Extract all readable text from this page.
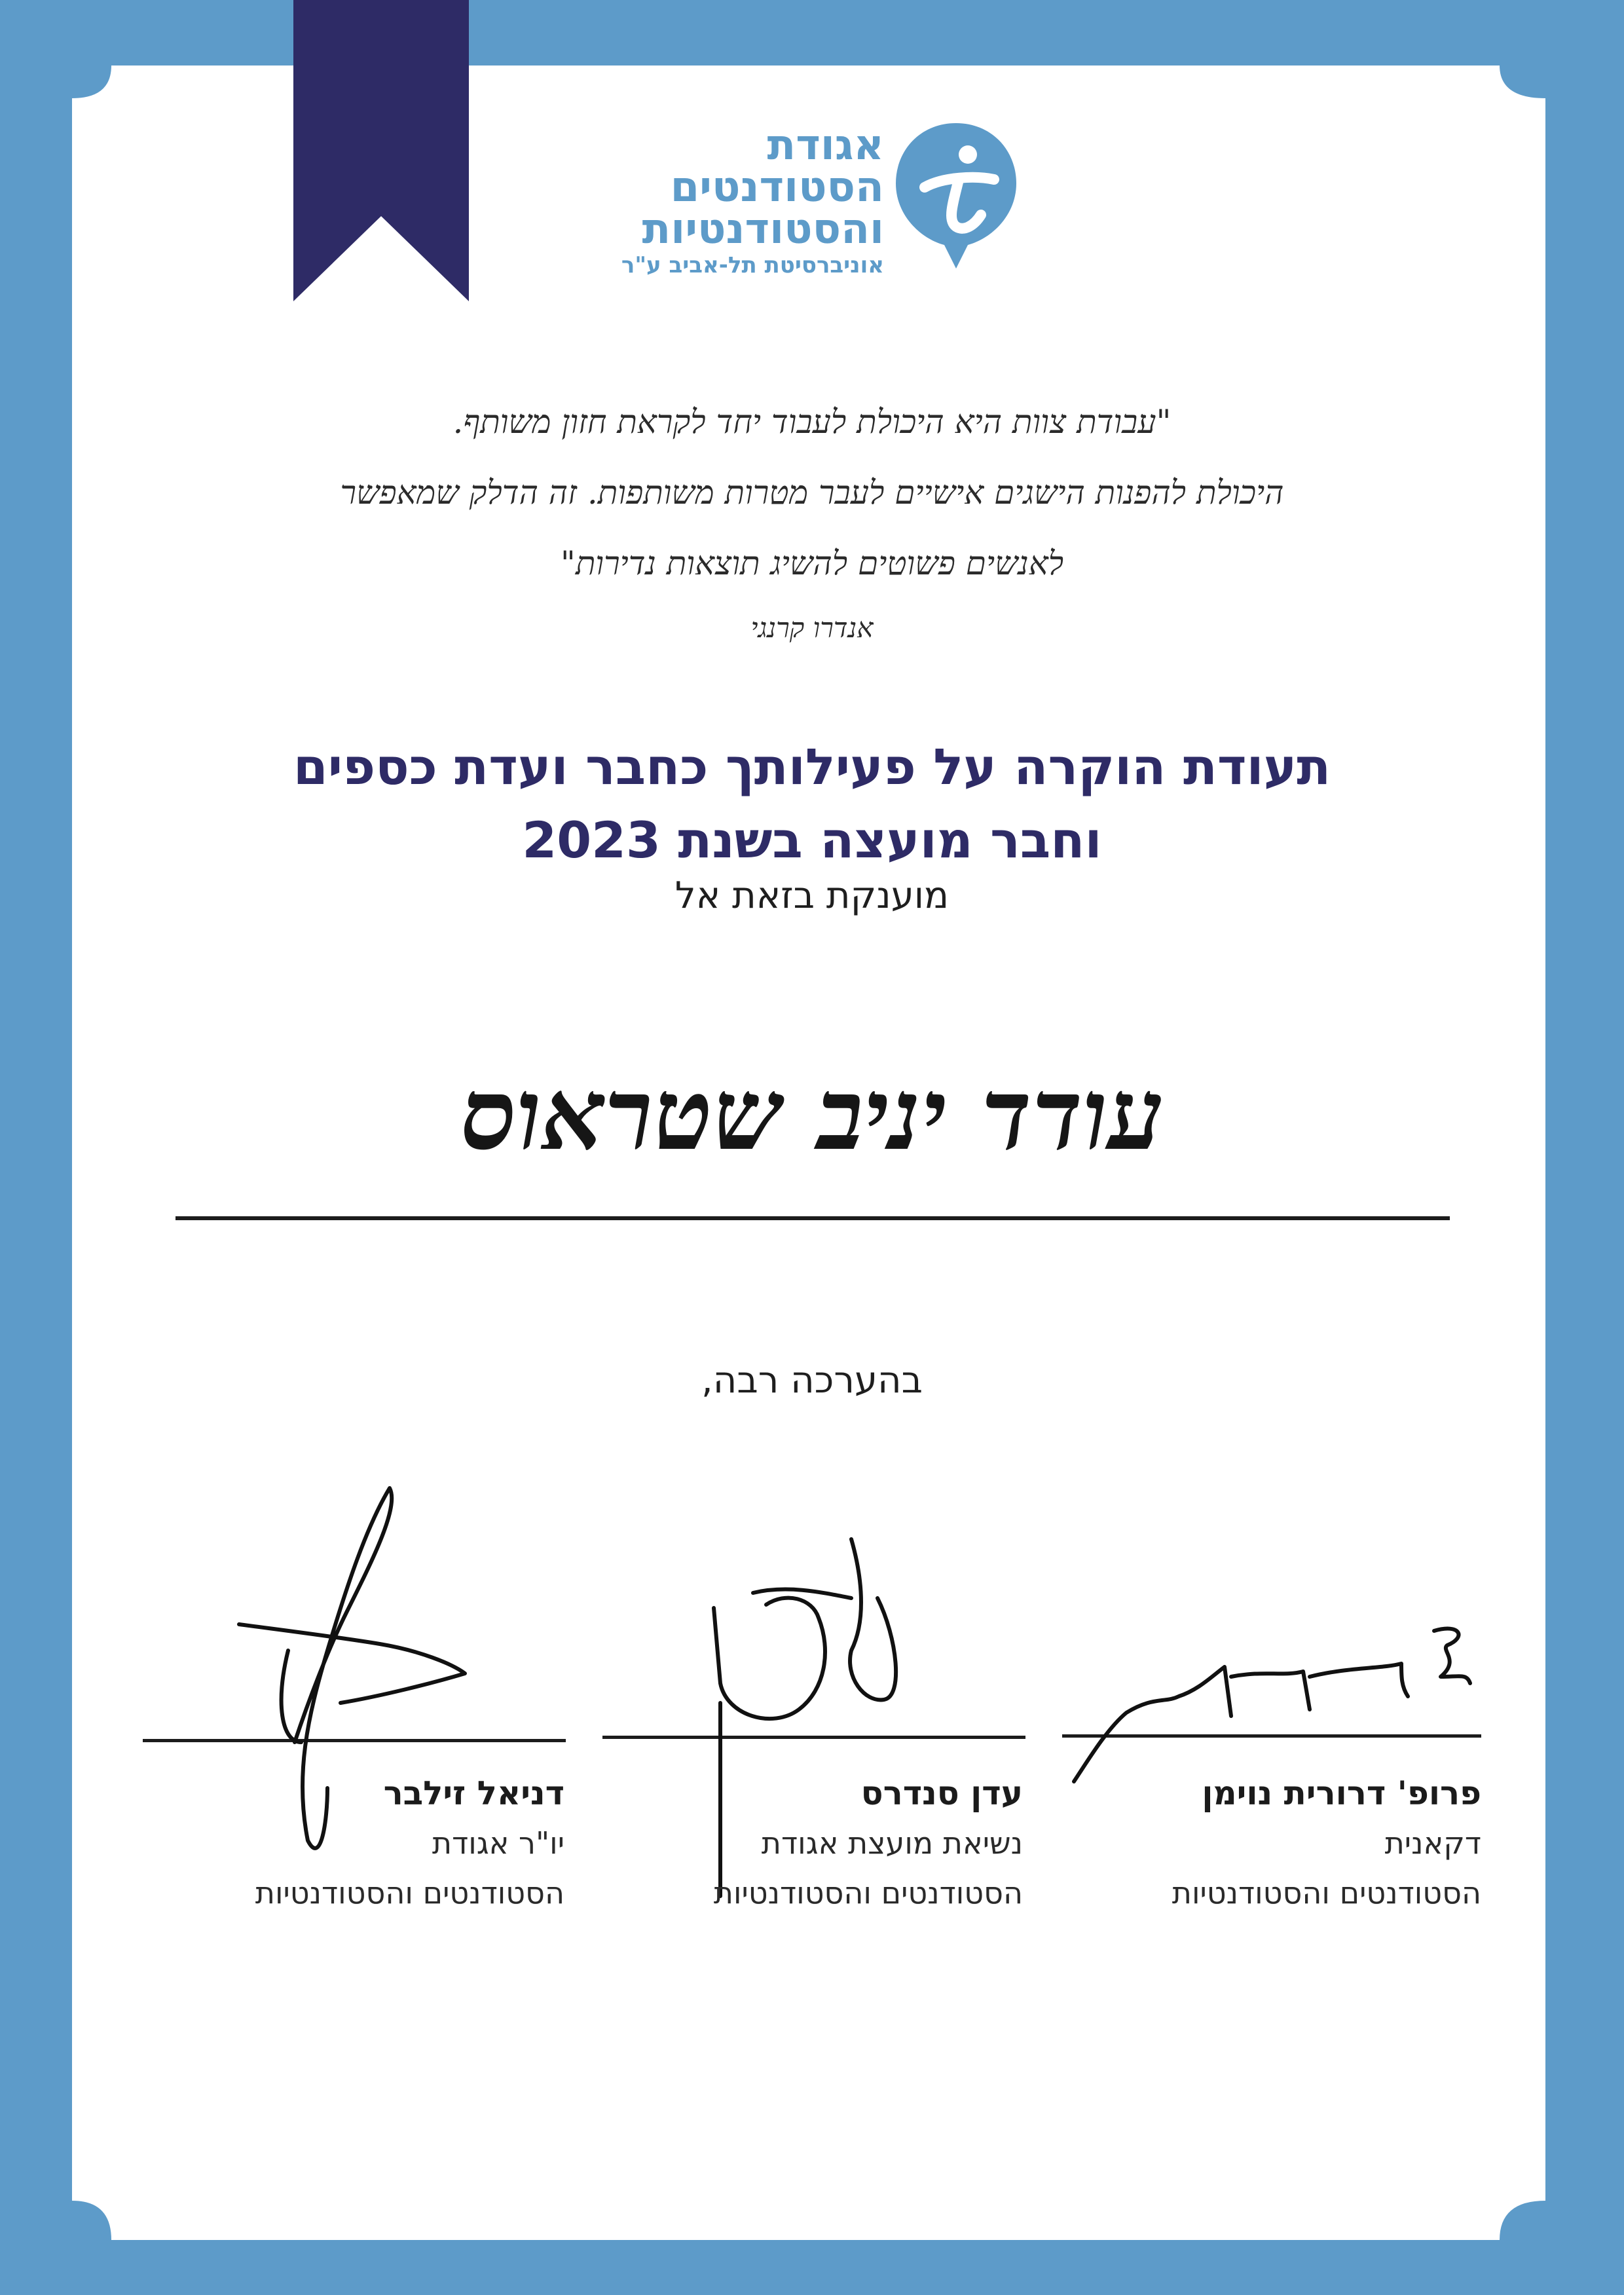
אגודת
הסטודנטים
והסטודנטיות
אוניברסיטת תל-אביב ע"ר
"עבודת צוות היא היכולת לעבוד יחד לקראת חזון משותף.
היכולת להפנות הישגים אישיים לעבר מטרות משותפות. זה הדלק שמאפשר
לאנשים פשוטים להשיג תוצאות נדירות"
אנדרו קרנגי
תעודת הוקרה על פעילותך כחבר ועדת כספים
וחבר מועצה בשנת 2023
מוענקת בזאת אל
עודד יניב שטראוס
בהערכה רבה,
פרופ' דרורית נוימן
דקאנית
הסטודנטים והסטודנטיות
עדן סנדרס
נשיאת מועצת אגודת
הסטודנטים והסטודנטיות
דניאל זילבר
יו"ר אגודת
הסטודנטים והסטודנטיות
